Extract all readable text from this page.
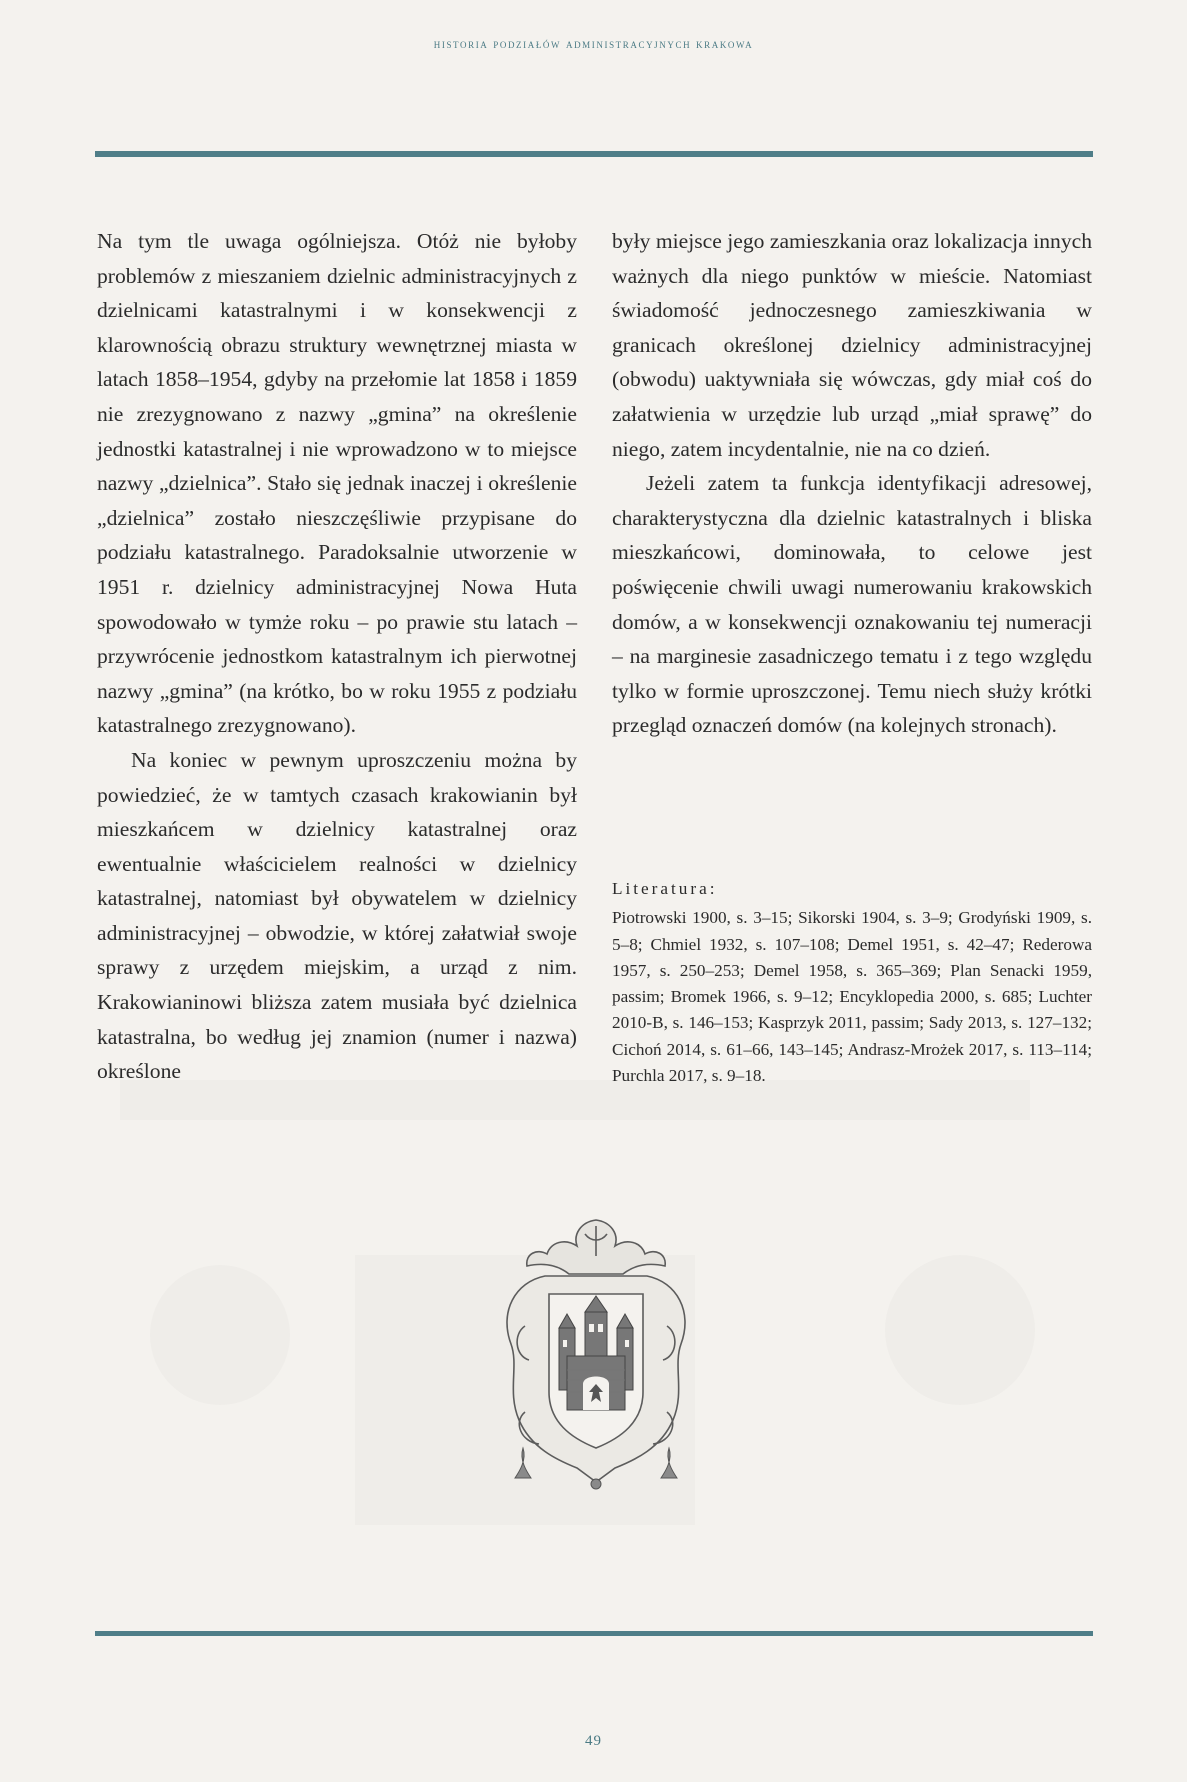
historia podziałów administracyjnych krakowa

Na tym tle uwaga ogólniejsza. Otóż nie byłoby problemów z mieszaniem dzielnic administracyjnych z dzielnicami katastralnymi i w konsekwencji z klarownością obrazu struktury wewnętrznej miasta w latach 1858–1954, gdyby na przełomie lat 1858 i 1859 nie zrezygnowano z nazwy „gmina” na określenie jednostki katastralnej i nie wprowadzono w to miejsce nazwy „dzielnica”. Stało się jednak inaczej i określenie „dzielnica” zostało nieszczęśliwie przypisane do podziału katastralnego. Paradoksalnie utworzenie w 1951 r. dzielnicy administracyjnej Nowa Huta spowodowało w tymże roku – po prawie stu latach – przywrócenie jednostkom katastralnym ich pierwotnej nazwy „gmina” (na krótko, bo w roku 1955 z podziału katastralnego zrezygnowano).

Na koniec w pewnym uproszczeniu można by powiedzieć, że w tamtych czasach krakowianin był mieszkańcem w dzielnicy katastralnej oraz ewentualnie właścicielem realności w dzielnicy katastralnej, natomiast był obywatelem w dzielnicy administracyjnej – obwodzie, w której załatwiał swoje sprawy z urzędem miejskim, a urząd z nim. Krakowianinowi bliższa zatem musiała być dzielnica katastralna, bo według jej znamion (numer i nazwa) określone

były miejsce jego zamieszkania oraz lokalizacja innych ważnych dla niego punktów w mieście. Natomiast świadomość jednoczesnego zamieszkiwania w granicach określonej dzielnicy administracyjnej (obwodu) uaktywniała się wówczas, gdy miał coś do załatwienia w urzędzie lub urząd „miał sprawę” do niego, zatem incydentalnie, nie na co dzień.

Jeżeli zatem ta funkcja identyfikacji adresowej, charakterystyczna dla dzielnic katastralnych i bliska mieszkańcowi, dominowała, to celowe jest poświęcenie chwili uwagi numerowaniu krakowskich domów, a w konsekwencji oznakowaniu tej numeracji – na marginesie zasadniczego tematu i z tego względu tylko w formie uproszczonej. Temu niech służy krótki przegląd oznaczeń domów (na kolejnych stronach).

Literatura:

Piotrowski 1900, s. 3–15; Sikorski 1904, s. 3–9; Grodyński 1909, s. 5–8; Chmiel 1932, s. 107–108; Demel 1951, s. 42–47; Rederowa 1957, s. 250–253; Demel 1958, s. 365–369; Plan Senacki 1959, passim; Bromek 1966, s. 9–12; Encyklopedia 2000, s. 685; Luchter 2010-B, s. 146–153; Kasprzyk 2011, passim; Sady 2013, s. 127–132; Cichoń 2014, s. 61–66, 143–145; Andrasz-Mrożek 2017, s. 113–114; Purchla 2017, s. 9–18.

49
